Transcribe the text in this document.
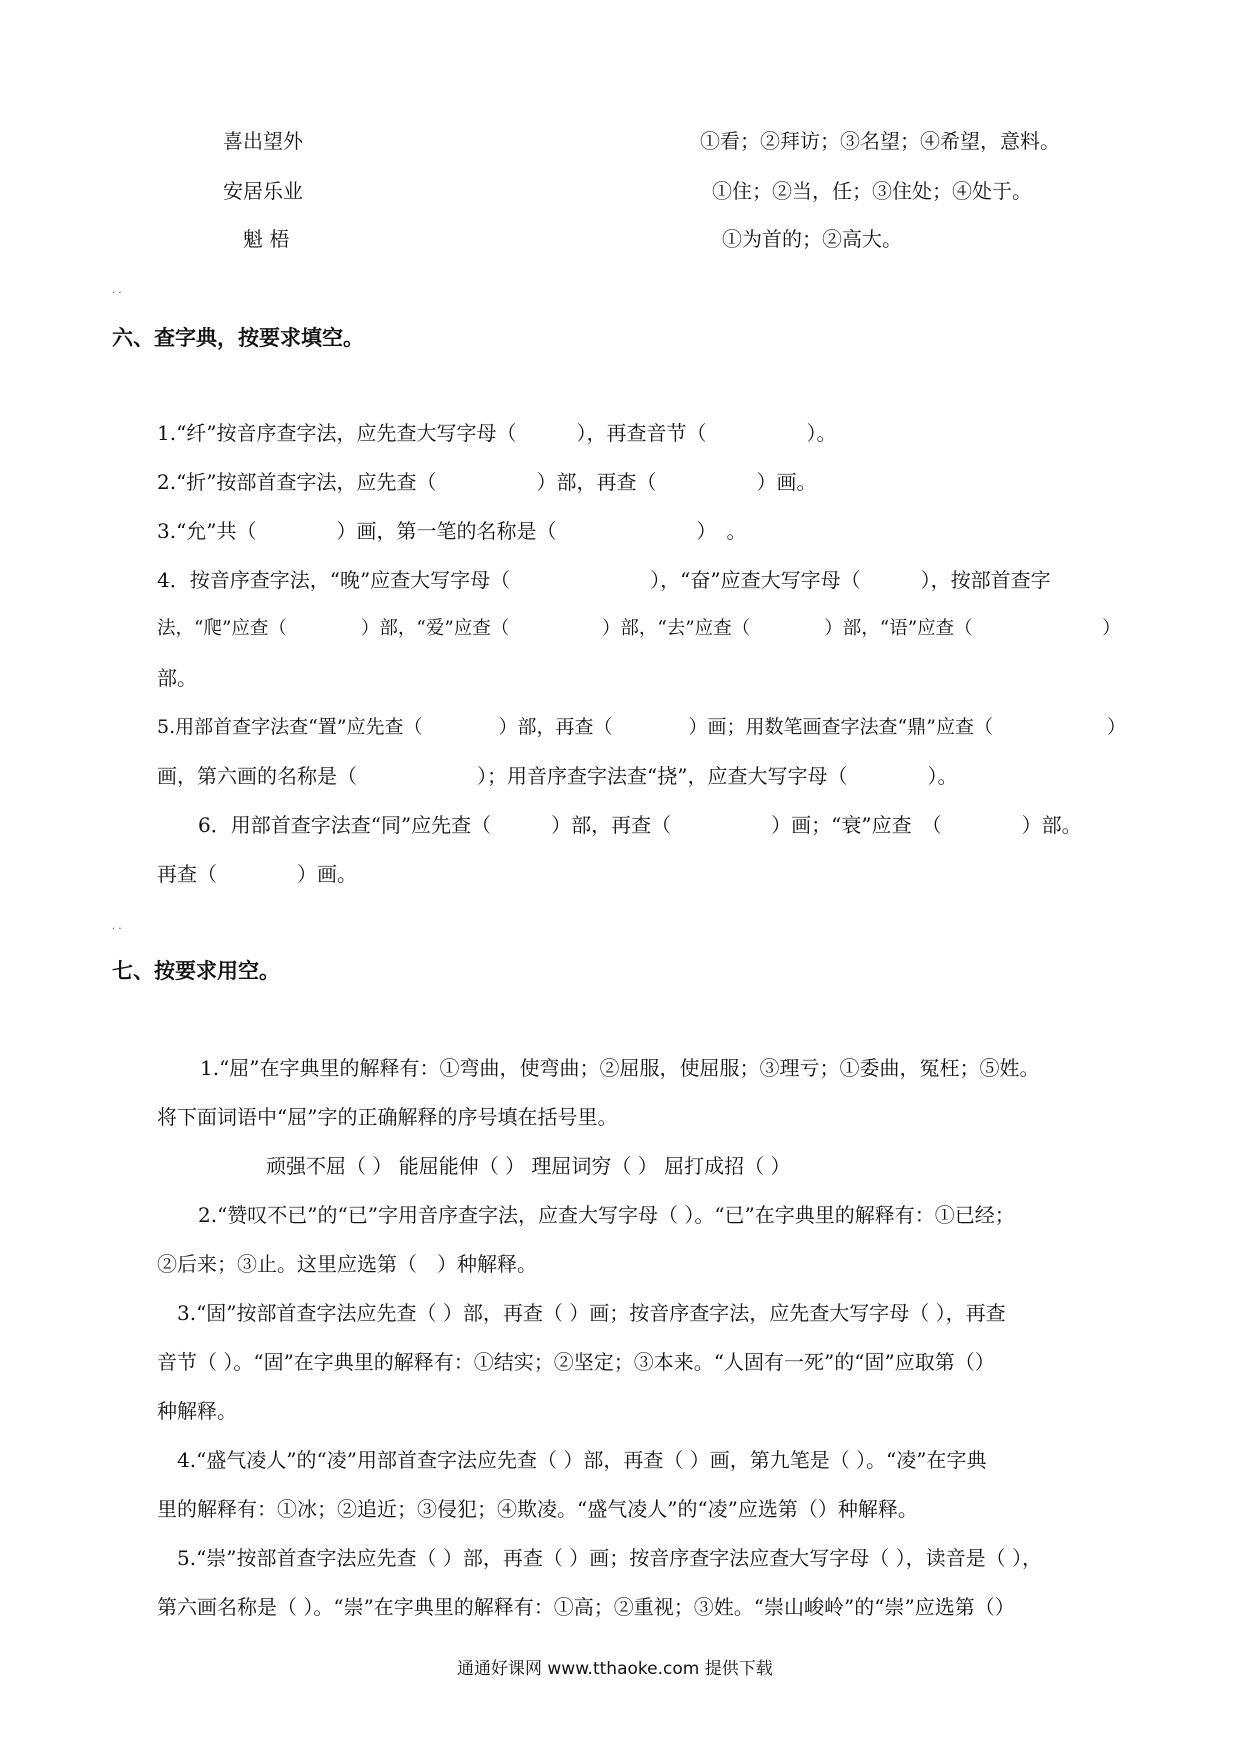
喜出望外	①看；②拜访；③名望；④希望，意料。
安居乐业	①住；②当，任；③住处；④处于。
魁 梧	①为首的；②高大。
· ·
六、查字典，按要求填空。
1.“纤”按音序查字法，应先查大写字母（　　　），再查音节（　　　　　）。
2.“折”按部首查字法，应先查（　　　　　）部，再查（　　　　　）画。
3.“允”共（　　　　）画，第一笔的名称是（　　　　　　　）　。
4．按音序查字法，“晚”应查大写字母（　　　　　　　），“奋”应查大写字母（　　　），按部首查字
法，“爬”应查（　　　　）部，“爱”应查（　　　　　）部，“去”应查（　　　　）部，“语”应查（　　　　　　　）
部。
5.用部首查字法查“置”应先查（　　　　）部，再查（　　　　）画；用数笔画查字法查“鼎”应查（　　　　　　）
画，第六画的名称是（　　　　　　）；用音序查字法查“挠”，应查大写字母（　　　　）。
6．用部首查字法查“同”应先查（　　　）部，再查（　　　　　）画；“衰”应查　（　　　　）部。
再查（　　　　）画。
· ·
七、按要求用空。
1.“屈”在字典里的解释有：①弯曲，使弯曲；②屈服，使屈服；③理亏；①委曲，冤枉；⑤姓。
将下面词语中“屈”字的正确解释的序号填在括号里。
顽强不屈（ ） 能屈能伸（ ） 理屈词穷（ ） 屈打成招（ ）
2.“赞叹不已”的“已”字用音序查字法，应查大写字母（ ）。“已”在字典里的解释有：①已经；
②后来；③止。这里应选第（　）种解释。
3.“固”按部首查字法应先查（ ）部，再查（ ）画；按音序查字法，应先查大写字母（ ），再查
音节（ ）。“固”在字典里的解释有：①结实；②坚定；③本来。“人固有一死”的“固”应取第（）
种解释。
4.“盛气凌人”的“凌”用部首查字法应先查（ ）部，再查（ ）画，第九笔是（ ）。“凌”在字典
里的解释有：①冰；②追近；③侵犯；④欺凌。“盛气凌人”的“凌”应选第（）种解释。
5.“崇”按部首查字法应先查（ ）部，再查（ ）画；按音序查字法应查大写字母（ ），读音是（ ），
第六画名称是（ ）。“崇”在字典里的解释有：①高；②重视；③姓。“崇山峻岭”的“崇”应选第（）
通通好课网 www.tthaoke.com 提供下载
